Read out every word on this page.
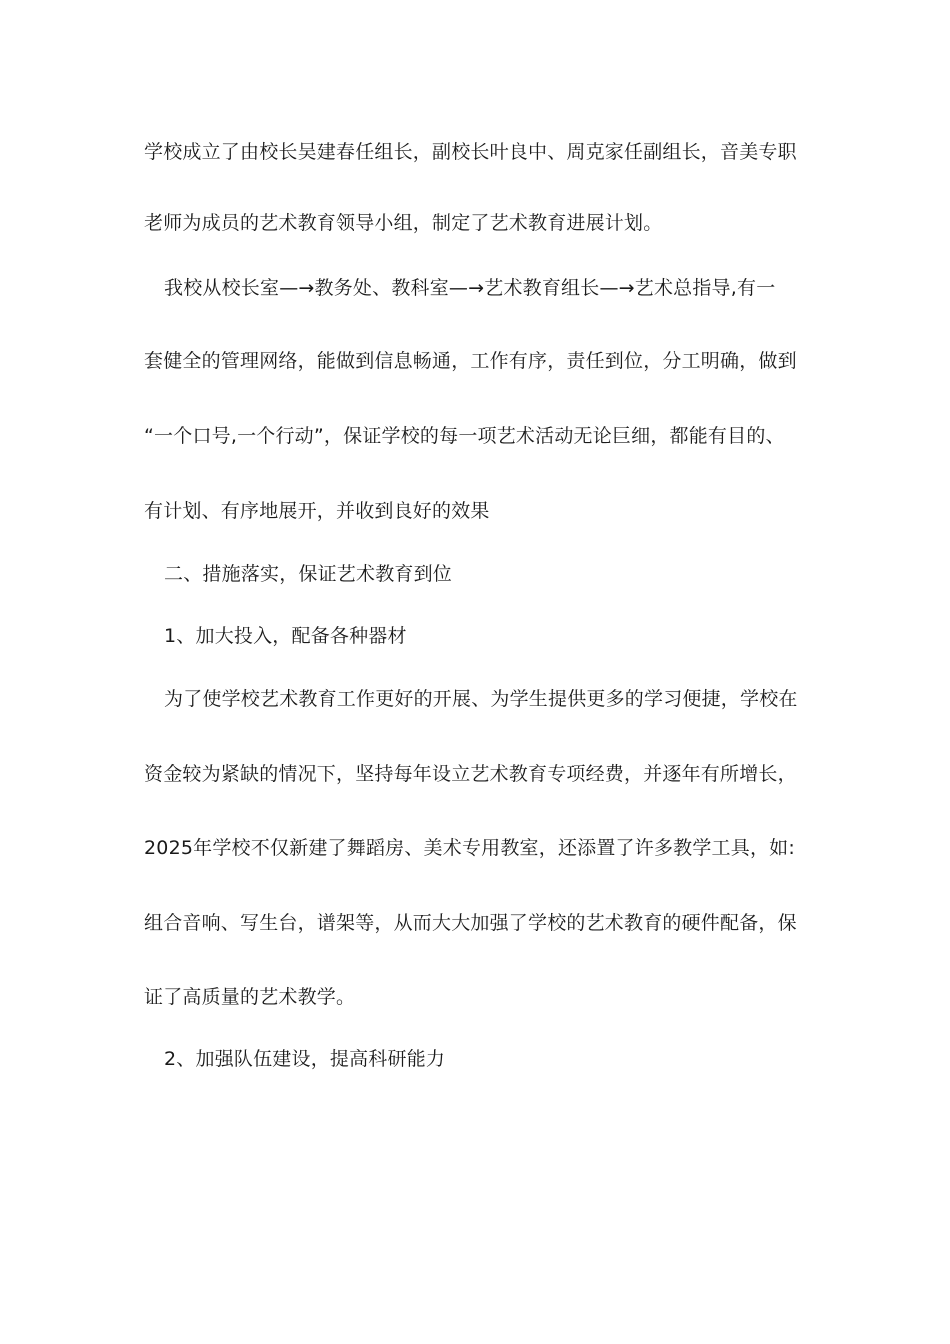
学校成立了由校长吴建春任组长，副校长叶良中、周克家任副组长，音美专职
老师为成员的艺术教育领导小组，制定了艺术教育进展计划。
我校从校长室—→教务处、教科室—→艺术教育组长—→艺术总指导,有一
套健全的管理网络，能做到信息畅通，工作有序，责任到位，分工明确，做到
“一个口号,一个行动”，保证学校的每一项艺术活动无论巨细，都能有目的、
有计划、有序地展开，并收到良好的效果
二、措施落实，保证艺术教育到位
1、加大投入，配备各种器材
为了使学校艺术教育工作更好的开展、为学生提供更多的学习便捷，学校在
资金较为紧缺的情况下，坚持每年设立艺术教育专项经费，并逐年有所增长，
2025年学校不仅新建了舞蹈房、美术专用教室，还添置了许多教学工具，如:
组合音响、写生台，谱架等，从而大大加强了学校的艺术教育的硬件配备，保
证了高质量的艺术教学。
2、加强队伍建设，提高科研能力
